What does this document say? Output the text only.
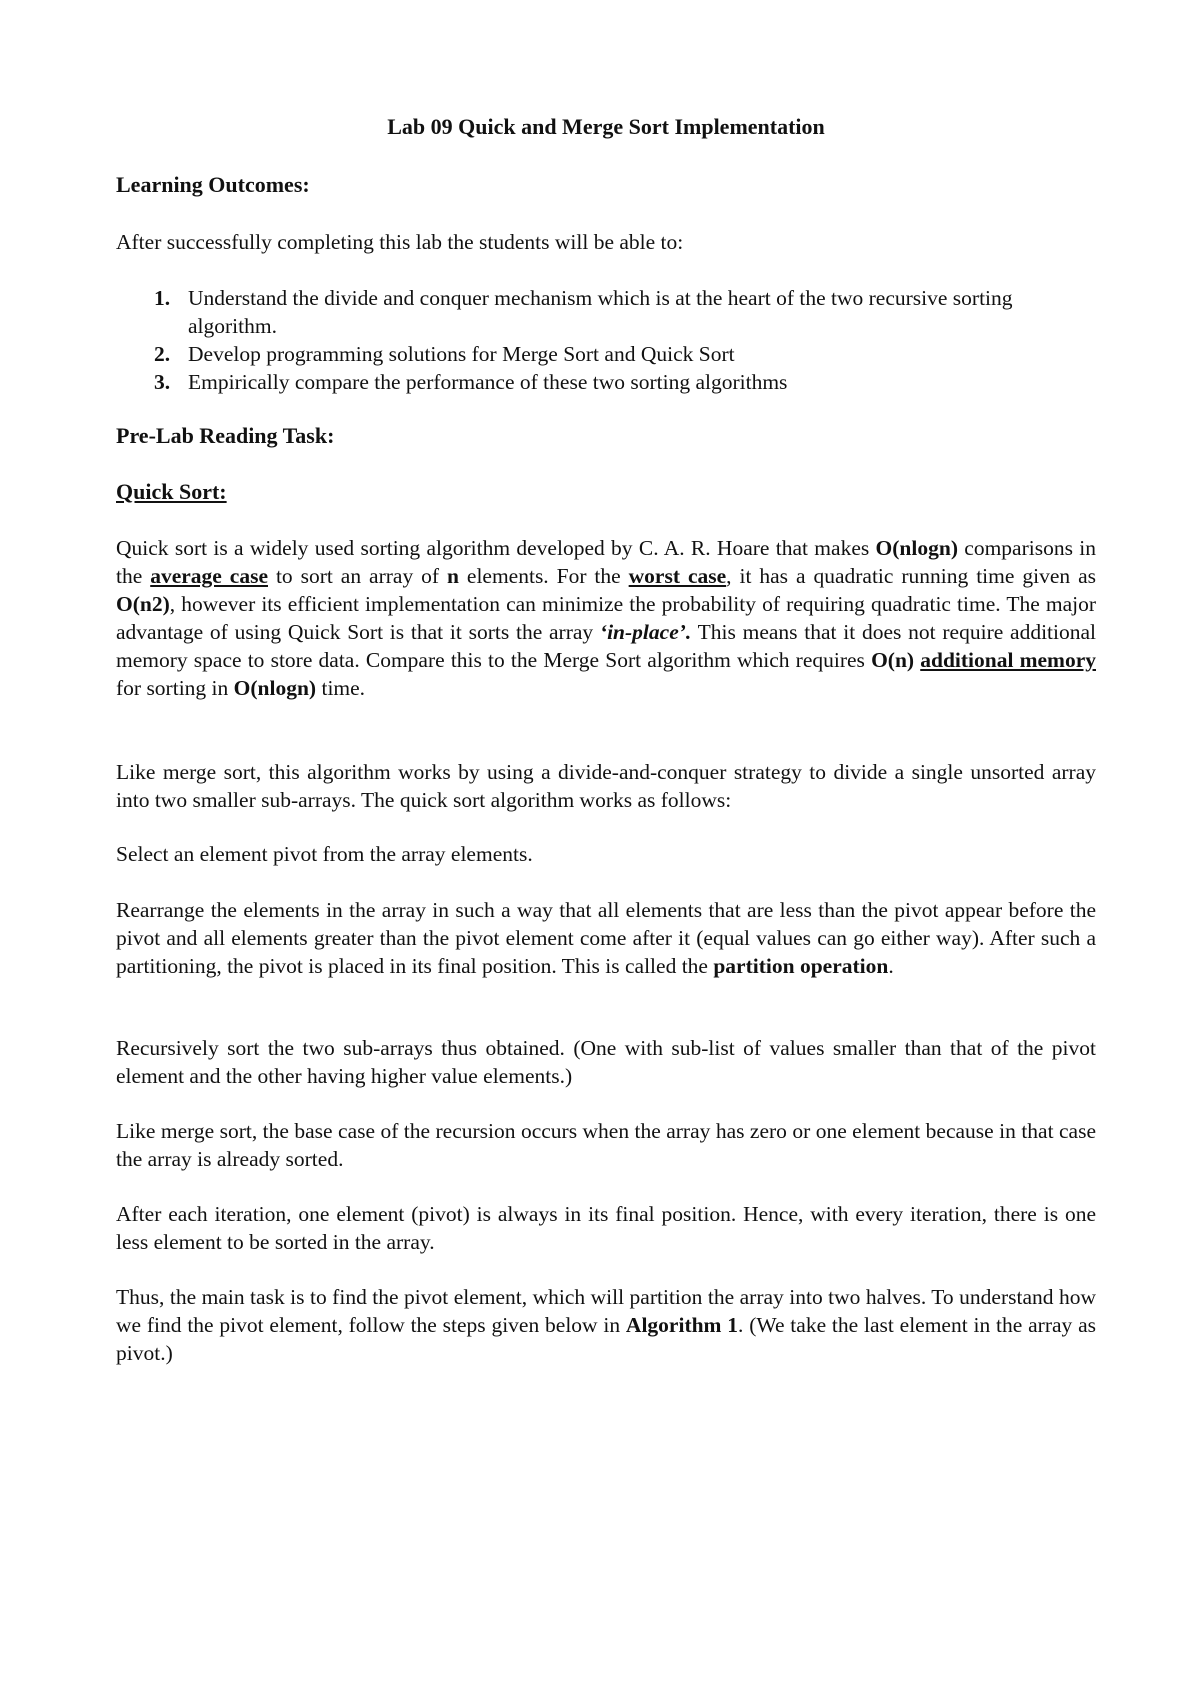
Lab 09 Quick and Merge Sort Implementation
Learning Outcomes:

After successfully completing this lab the students will be able to:

1. Understand the divide and conquer mechanism which is at the heart of the two recursive sorting algorithm.
2. Develop programming solutions for Merge Sort and Quick Sort
3. Empirically compare the performance of these two sorting algorithms
Pre-Lab Reading Task:
Quick Sort:

Quick sort is a widely used sorting algorithm developed by C. A. R. Hoare that makes O(nlogn) comparisons in the average case to sort an array of n elements. For the worst case, it has a quadratic running time given as O(n2), however its efficient implementation can minimize the probability of requiring quadratic time. The major advantage of using Quick Sort is that it sorts the array ‘in-place’. This means that it does not require additional memory space to store data. Compare this to the Merge Sort algorithm which requires O(n) additional memory for sorting in O(nlogn) time.

Like merge sort, this algorithm works by using a divide-and-conquer strategy to divide a single unsorted array into two smaller sub-arrays. The quick sort algorithm works as follows:

Select an element pivot from the array elements.

Rearrange the elements in the array in such a way that all elements that are less than the pivot appear before the pivot and all elements greater than the pivot element come after it (equal values can go either way). After such a partitioning, the pivot is placed in its final position. This is called the partition operation.

Recursively sort the two sub-arrays thus obtained. (One with sub-list of values smaller than that of the pivot element and the other having higher value elements.)

Like merge sort, the base case of the recursion occurs when the array has zero or one element because in that case the array is already sorted.

After each iteration, one element (pivot) is always in its final position. Hence, with every iteration, there is one less element to be sorted in the array.

Thus, the main task is to find the pivot element, which will partition the array into two halves. To understand how we find the pivot element, follow the steps given below in Algorithm 1. (We take the last element in the array as pivot.)
